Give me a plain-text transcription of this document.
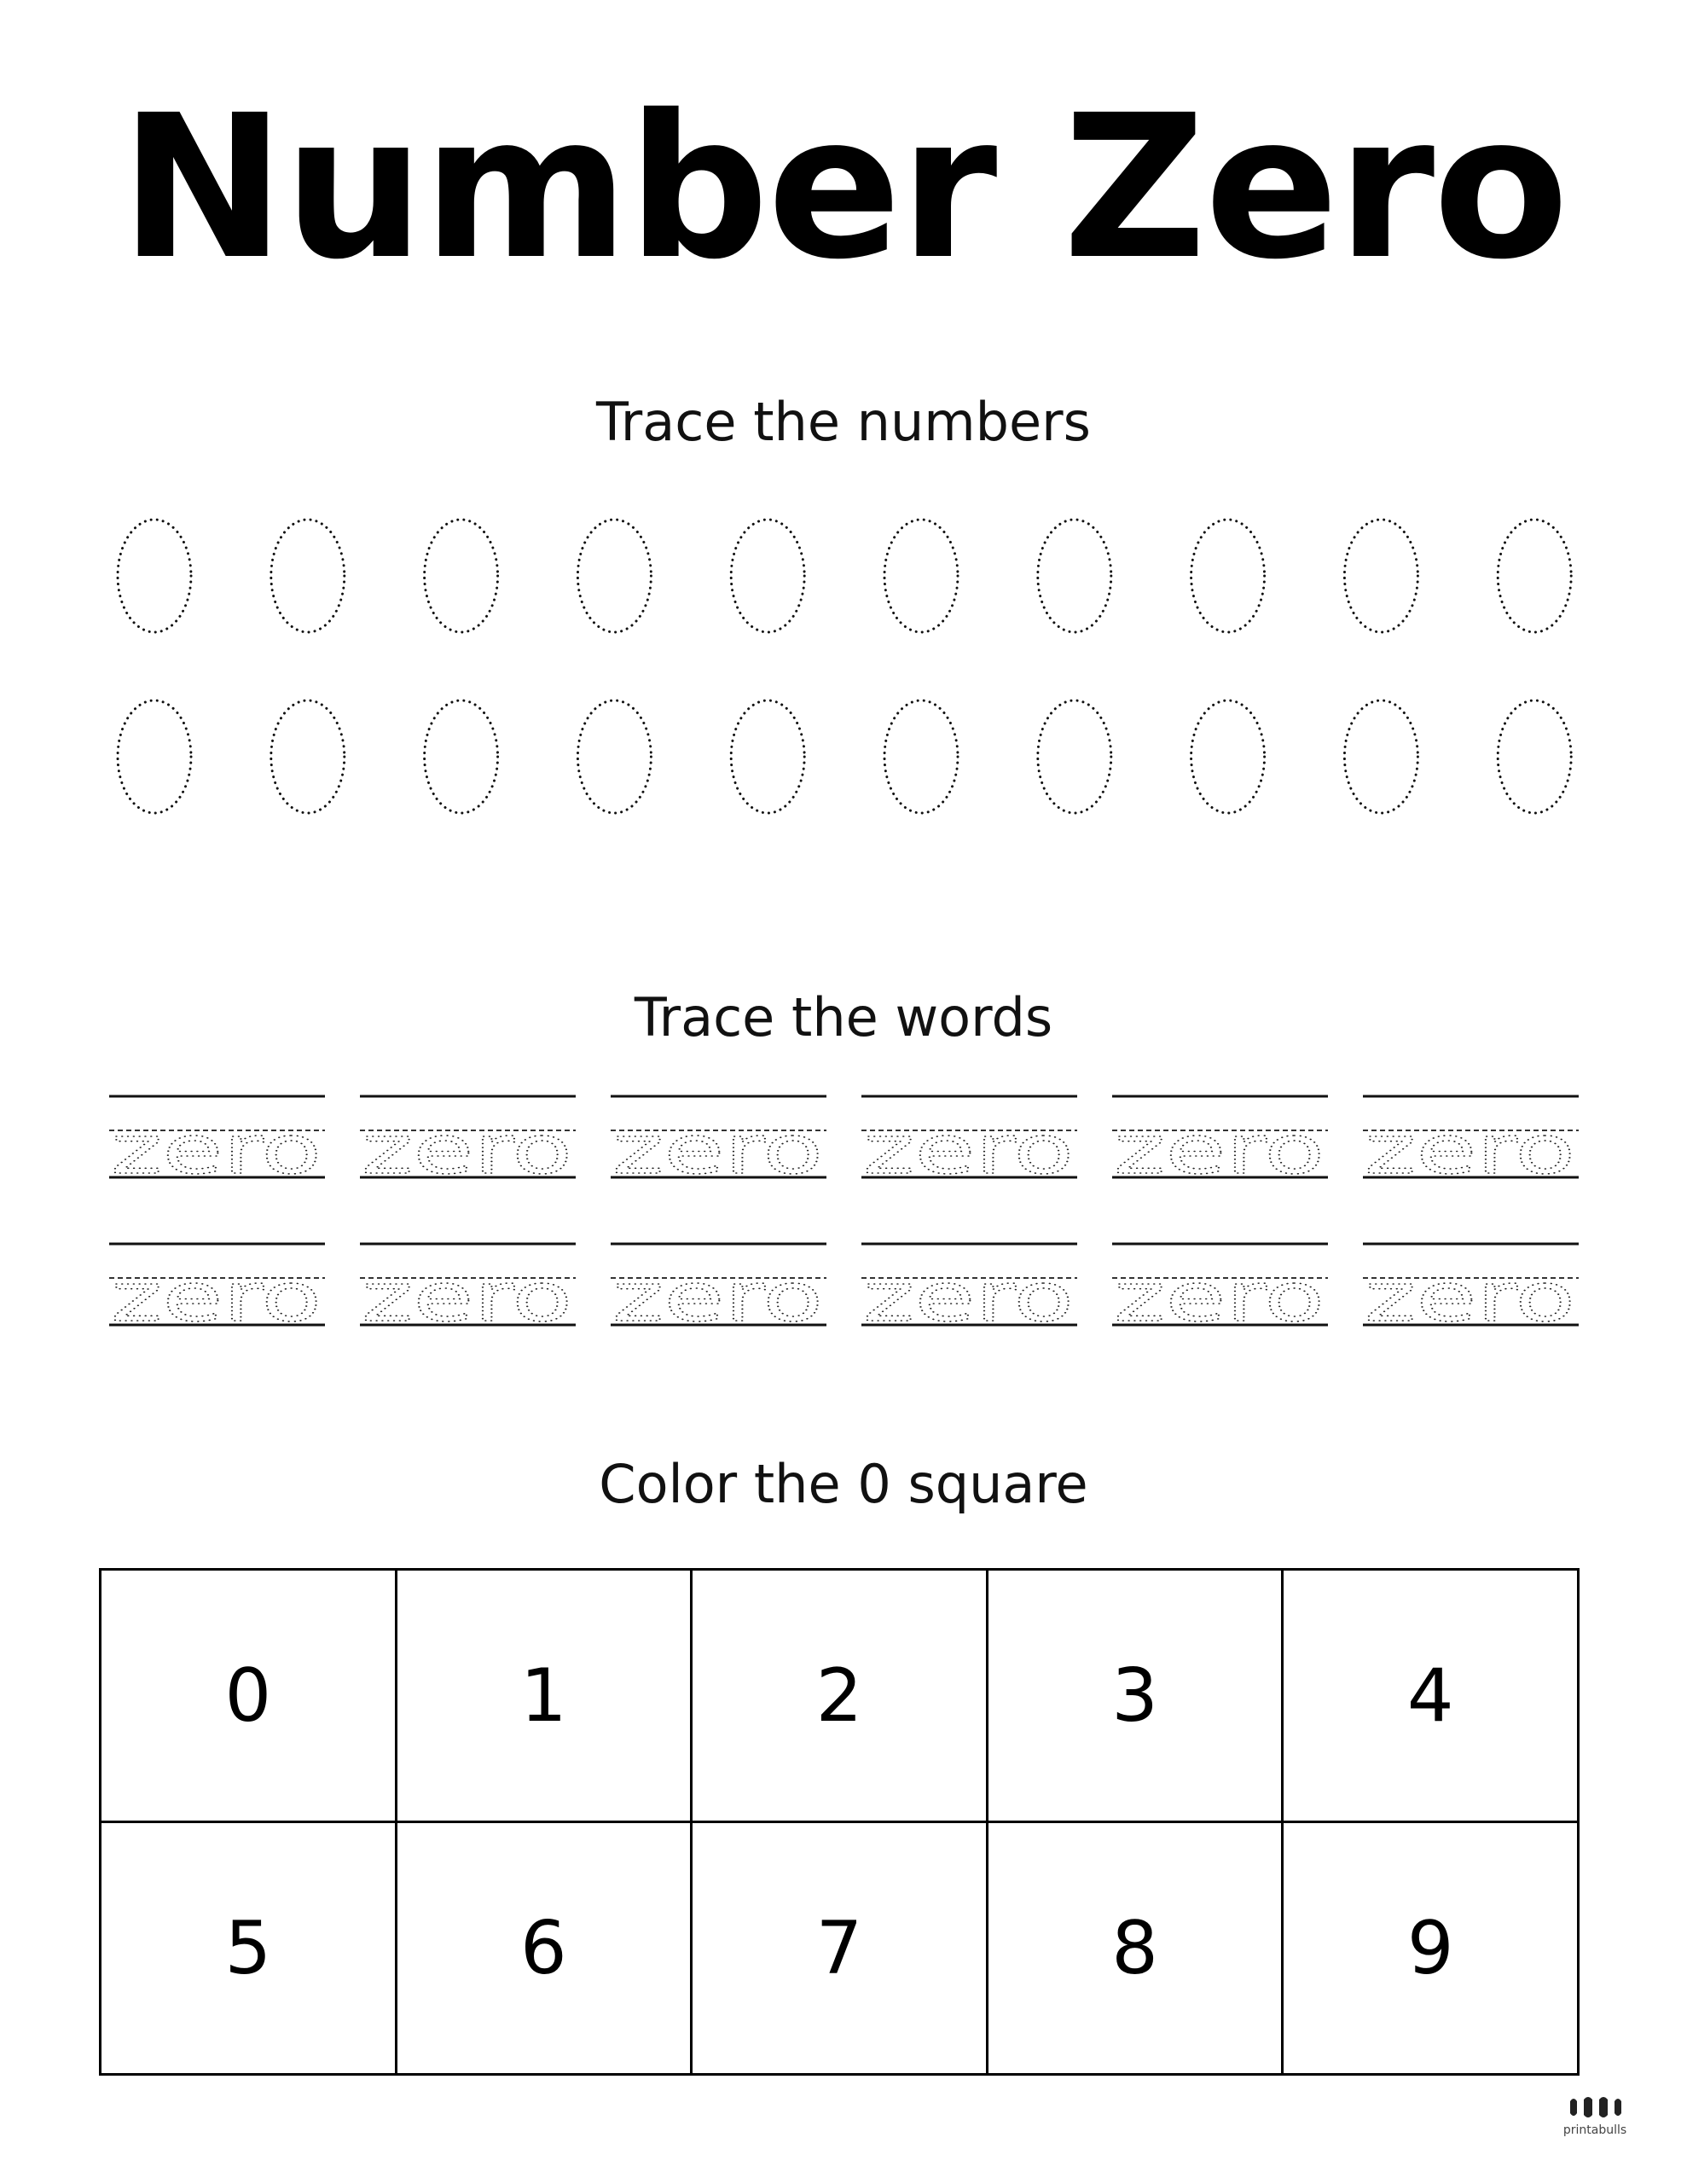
Number Zero
Trace the numbers
Trace the words
zero zero zero zero zero zero
zero zero zero zero zero zero
Color the 0 square
0	1	2	3	4
5	6	7	8	9
printabulls
